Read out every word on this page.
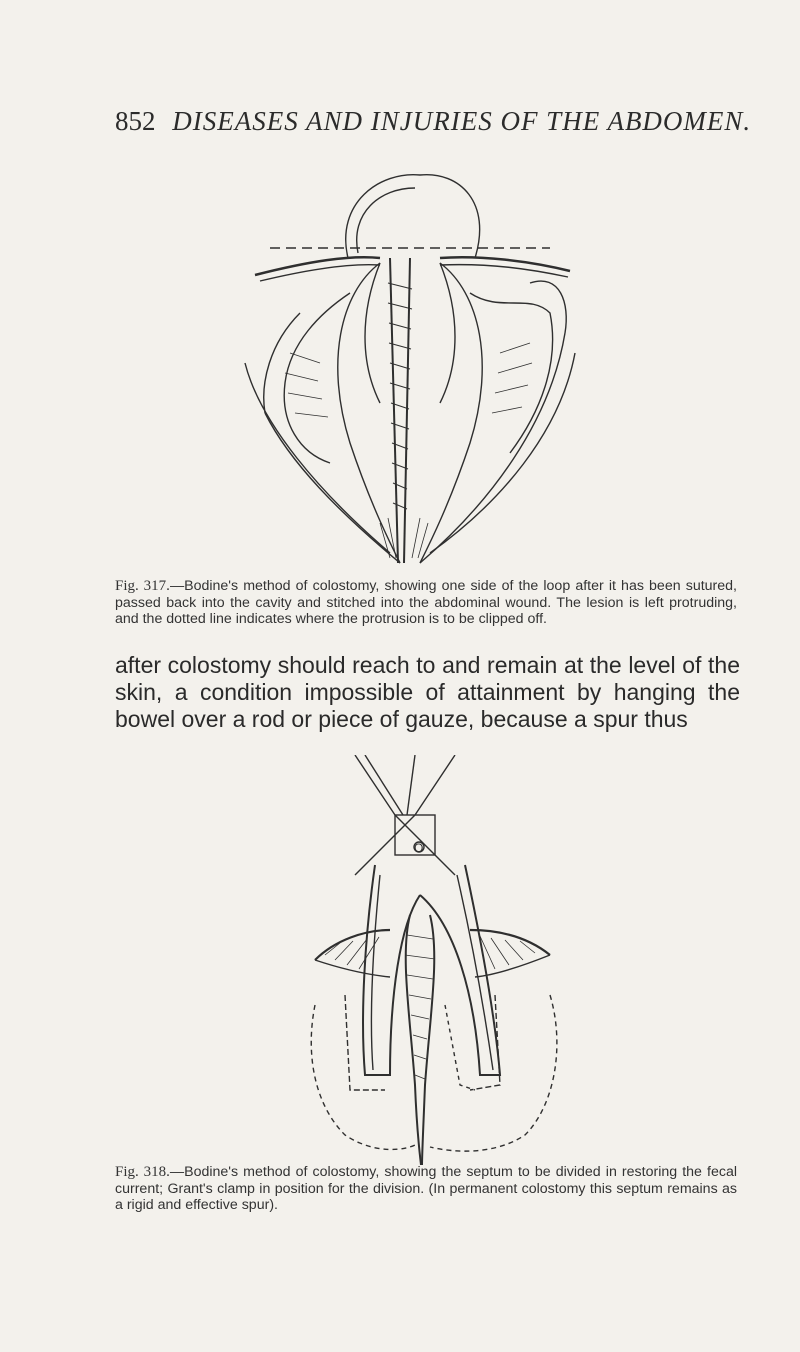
852 DISEASES AND INJURIES OF THE ABDOMEN.
Fig. 317.—Bodine's method of colostomy, showing one side of the loop after it has been sutured, passed back into the cavity and stitched into the abdominal wound. The lesion is left protruding, and the dotted line indicates where the protrusion is to be clipped off.
after colostomy should reach to and remain at the level of the skin, a condition impossible of attainment by hanging the bowel over a rod or piece of gauze, because a spur thus
O
Fig. 318.—Bodine's method of colostomy, showing the septum to be divided in restoring the fecal current; Grant's clamp in position for the division. (In permanent colostomy this septum remains as a rigid and effective spur).
